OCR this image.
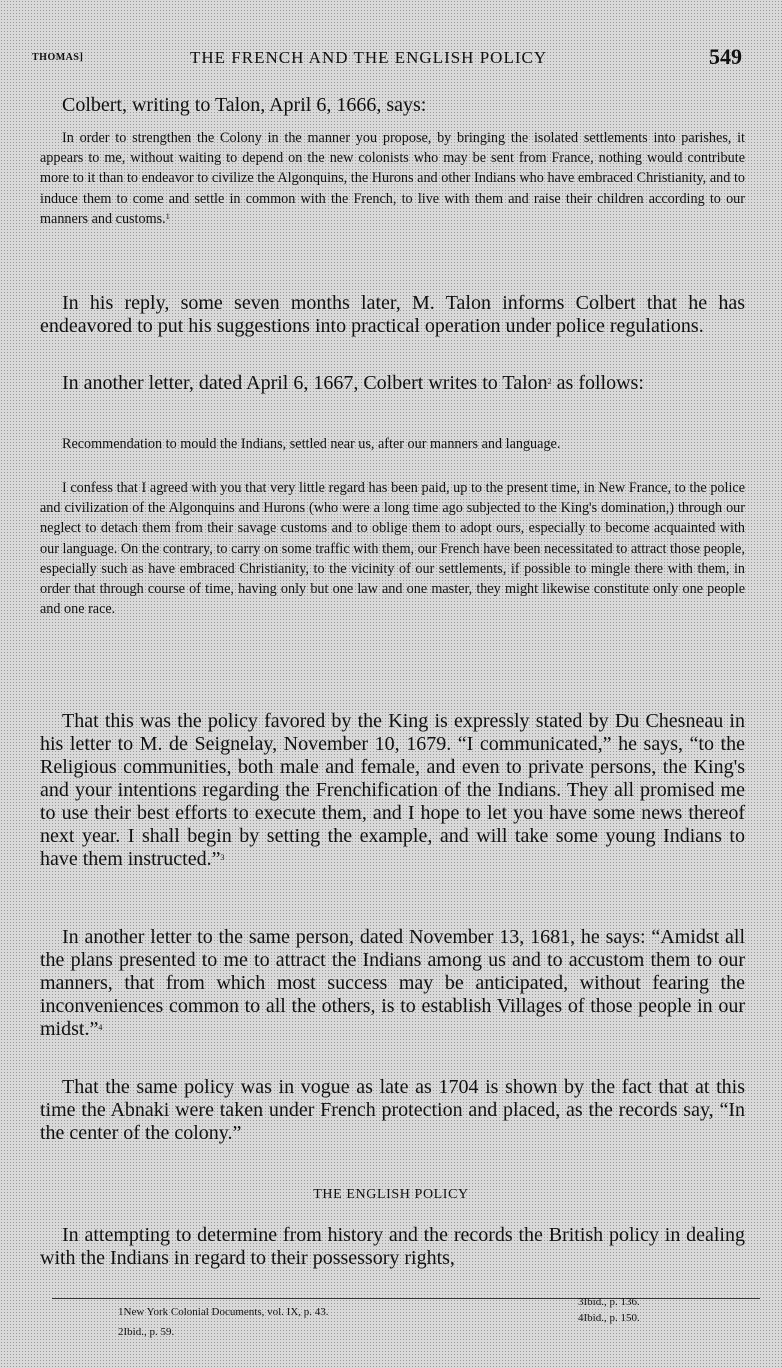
THOMAS]	THE FRENCH AND THE ENGLISH POLICY	549

Colbert, writing to Talon, April 6, 1666, says:

In order to strengthen the Colony in the manner you propose, by bringing the isolated settlements into parishes, it appears to me, without waiting to depend on the new colonists who may be sent from France, nothing would contribute more to it than to endeavor to civilize the Algonquins, the Hurons and other Indians who have embraced Christianity, and to induce them to come and settle in common with the French, to live with them and raise their children according to our manners and customs.$^1$

In his reply, some seven months later, M. Talon informs Colbert that he has endeavored to put his suggestions into practical operation under police regulations.

In another letter, dated April 6, 1667, Colbert writes to Talon$^2$ as follows:

Recommendation to mould the Indians, settled near us, after our manners and language.

I confess that I agreed with you that very little regard has been paid, up to the present time, in New France, to the police and civilization of the Algonquins and Hurons (who were a long time ago subjected to the King's domination,) through our neglect to detach them from their savage customs and to oblige them to adopt ours, especially to become acquainted with our language. On the contrary, to carry on some traffic with them, our French have been necessitated to attract those people, especially such as have embraced Christianity, to the vicinity of our settlements, if possible to mingle there with them, in order that through course of time, having only but one law and one master, they might likewise constitute only one people and one race.

That this was the policy favored by the King is expressly stated by Du Chesneau in his letter to M. de Seignelay, November 10, 1679. “I communicated,” he says, “to the Religious communities, both male and female, and even to private persons, the King's and your intentions regarding the Frenchification of the Indians. They all promised me to use their best efforts to execute them, and I hope to let you have some news thereof next year. I shall begin by setting the example, and will take some young Indians to have them instructed.”$^3$

In another letter to the same person, dated November 13, 1681, he says: “Amidst all the plans presented to me to attract the Indians among us and to accustom them to our manners, that from which most success may be anticipated, without fearing the inconveniences common to all the others, is to establish Villages of those people in our midst.”$^4$

That the same policy was in vogue as late as 1704 is shown by the fact that at this time the Abnaki were taken under French protection and placed, as the records say, “In the center of the colony.”

THE ENGLISH POLICY

In attempting to determine from history and the records the British policy in dealing with the Indians in regard to their possessory rights,

1New York Colonial Documents, vol. IX, p. 43.
2Ibid., p. 59.
3Ibid., p. 136.
4Ibid., p. 150.
